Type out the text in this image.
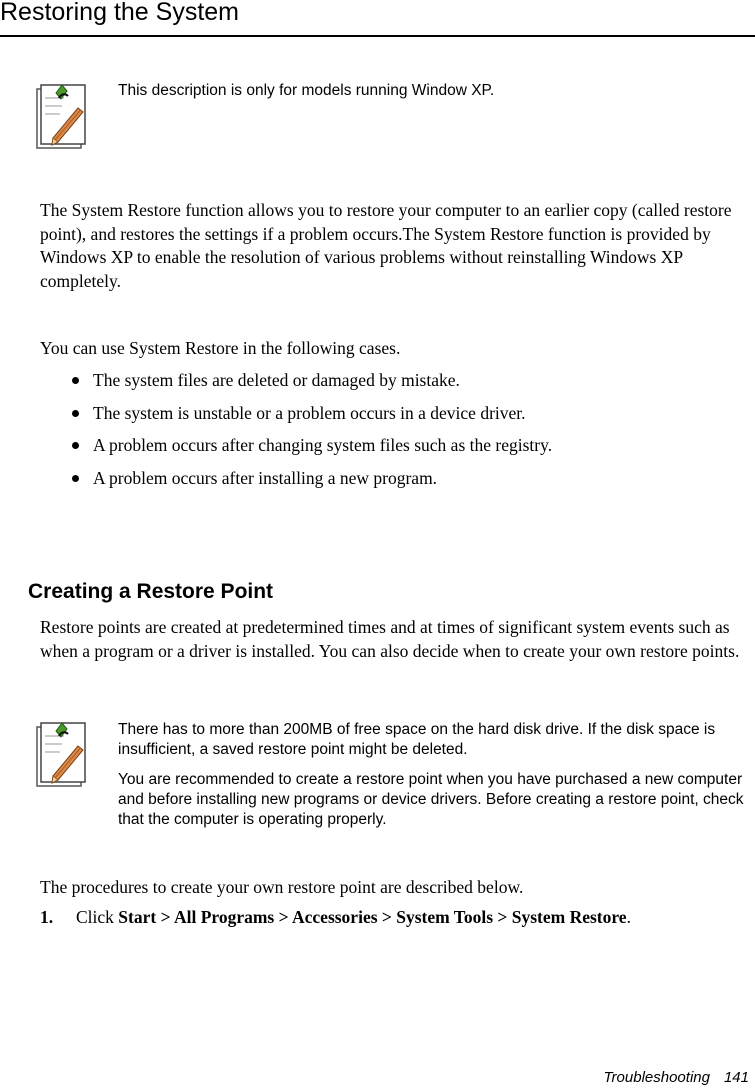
Restoring the System

This description is only for models running Window XP.

The System Restore function allows you to restore your computer to an earlier copy (called restore point), and restores the settings if a problem occurs.The System Restore function is provided by Windows XP to enable the resolution of various problems without reinstalling Windows XP completely.

You can use System Restore in the following cases.

The system files are deleted or damaged by mistake.
The system is unstable or a problem occurs in a device driver.
A problem occurs after changing system files such as the registry.
A problem occurs after installing a new program.
Creating a Restore Point

Restore points are created at predetermined times and at times of significant system events such as when a program or a driver is installed. You can also decide when to create your own restore points.

There has to more than 200MB of free space on the hard disk drive. If the disk space is insufficient, a saved restore point might be deleted.

You are recommended to create a restore point when you have purchased a new computer and before installing new programs or device drivers. Before creating a restore point, check that the computer is operating properly.

The procedures to create your own restore point are described below.

1. Click Start > All Programs > Accessories > System Tools > System Restore.
Troubleshooting 141
